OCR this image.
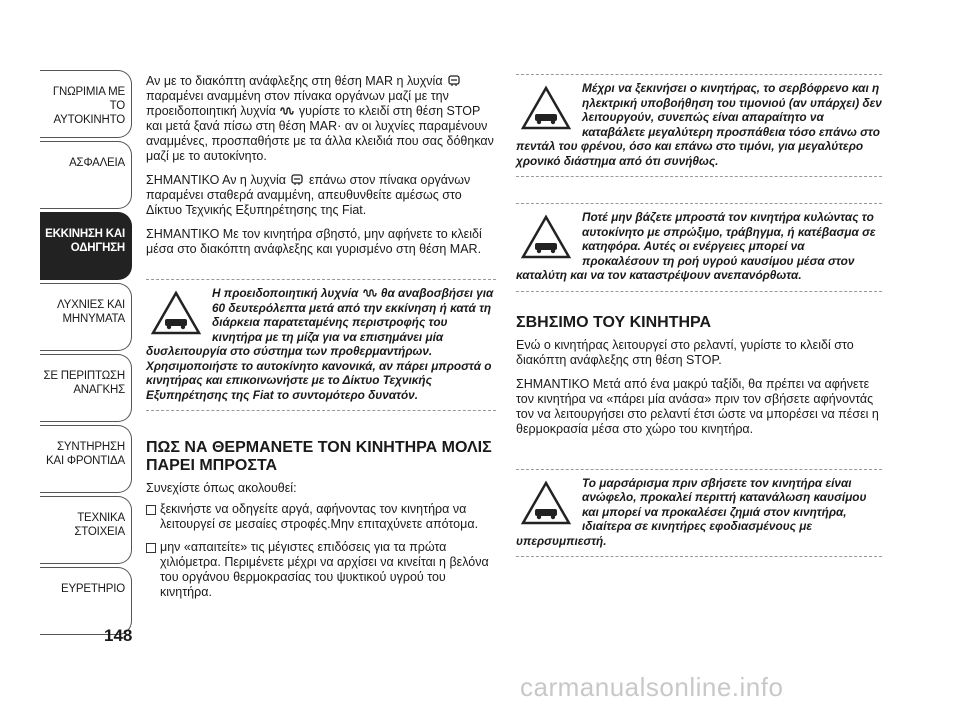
ΓΝΩΡΙΜΙΑ ΜΕ ΤΟ ΑΥΤΟΚΙΝΗΤΟ
ΑΣΦΑΛΕΙΑ
ΕΚΚΙΝΗΣΗ ΚΑΙ ΟΔΗΓΗΣΗ
ΛΥΧΝΙΕΣ ΚΑΙ ΜΗΝΥΜΑΤΑ
ΣΕ ΠΕΡΙΠΤΩΣΗ ΑΝΑΓΚΗΣ
ΣΥΝΤΗΡΗΣΗ ΚΑΙ ΦΡΟΝΤΙΔΑ
ΤΕΧΝΙΚΑ ΣΤΟΙΧΕΙΑ
ΕΥΡΕΤΗΡΙΟ
148

Αν με το διακόπτη ανάφλεξης στη θέση MAR η λυχνία  παραμένει αναμμένη στον πίνακα οργάνων μαζί με την προειδοποιητική λυχνία γυρίστε το κλειδί στη θέση STOP και μετά ξανά πίσω στη θέση MAR· αν οι λυχνίες παραμένουν αναμμένες, προσπαθήστε με τα άλλα κλειδιά που σας δόθηκαν μαζί με το αυτοκίνητο.

ΣΗΜΑΝΤΙΚΟ Αν η λυχνία επάνω στον πίνακα οργάνων παραμένει σταθερά αναμμένη, απευθυνθείτε αμέσως στο Δίκτυο Τεχνικής Εξυπηρέτησης της Fiat.

ΣΗΜΑΝΤΙΚΟ Με τον κινητήρα σβηστό, μην αφήνετε το κλειδί μέσα στο διακόπτη ανάφλεξης και γυρισμένο στη θέση MAR.

Η προειδοποιητική λυχνία θα αναβοσβήσει για 60 δευτερόλεπτα μετά από την εκκίνηση ή κατά τη διάρκεια παρατεταμένης περιστροφής του κινητήρα με τη μίζα για να επισημάνει μία δυσλειτουργία στο σύστημα των προθερμαντήρων. Χρησιμοποιήστε το αυτοκίνητο κανονικά, αν πάρει μπροστά ο κινητήρας και επικοινωνήστε με το Δίκτυο Τεχνικής Εξυπηρέτησης της Fiat το συντομότερο δυνατόν.
ΠΩΣ ΝΑ ΘΕΡΜΑΝΕΤΕ ΤΟΝ ΚΙΝΗΤΗΡΑ ΜΟΛΙΣ ΠΑΡΕΙ ΜΠΡΟΣΤΑ

Συνεχίστε όπως ακολουθεί:

ξεκινήστε να οδηγείτε αργά, αφήνοντας τον κινητήρα να λειτουργεί σε μεσαίες στροφές.Μην επιταχύνετε απότομα.
μην «απαιτείτε» τις μέγιστες επιδόσεις για τα πρώτα χιλιόμετρα. Περιμένετε μέχρι να αρχίσει να κινείται η βελόνα του οργάνου θερμοκρασίας του ψυκτικού υγρού του κινητήρα.
Μέχρι να ξεκινήσει ο κινητήρας, το σερβόφρενο και η ηλεκτρική υποβοήθηση του τιμονιού (αν υπάρχει) δεν λειτουργούν, συνεπώς είναι απαραίτητο να καταβάλετε μεγαλύτερη προσπάθεια τόσο επάνω στο πεντάλ του φρένου, όσο και επάνω στο τιμόνι, για μεγαλύτερο χρονικό διάστημα από ότι συνήθως.
Ποτέ μην βάζετε μπροστά τον κινητήρα κυλώντας το αυτοκίνητο με σπρώξιμο, τράβηγμα, ή κατέβασμα σε κατηφόρα. Αυτές οι ενέργειες μπορεί να προκαλέσουν τη ροή υγρού καυσίμου μέσα στον καταλύτη και να τον καταστρέψουν ανεπανόρθωτα.
ΣΒΗΣΙΜΟ ΤΟΥ ΚΙΝΗΤΗΡΑ

Ενώ ο κινητήρας λειτουργεί στο ρελαντί, γυρίστε το κλειδί στο διακόπτη ανάφλεξης στη θέση STOP.

ΣΗΜΑΝΤΙΚΟ Μετά από ένα μακρύ ταξίδι, θα πρέπει να αφήνετε τον κινητήρα να «πάρει μία ανάσα» πριν τον σβήσετε αφήνοντάς τον να λειτουργήσει στο ρελαντί έτσι ώστε να μπορέσει να πέσει η θερμοκρασία μέσα στο χώρο του κινητήρα.

Το μαρσάρισμα πριν σβήσετε τον κινητήρα είναι ανώφελο, προκαλεί περιττή κατανάλωση καυσίμου και μπορεί να προκαλέσει ζημιά στον κινητήρα, ιδιαίτερα σε κινητήρες εφοδιασμένους με υπερσυμπιεστή.
carmanualsonline.info
